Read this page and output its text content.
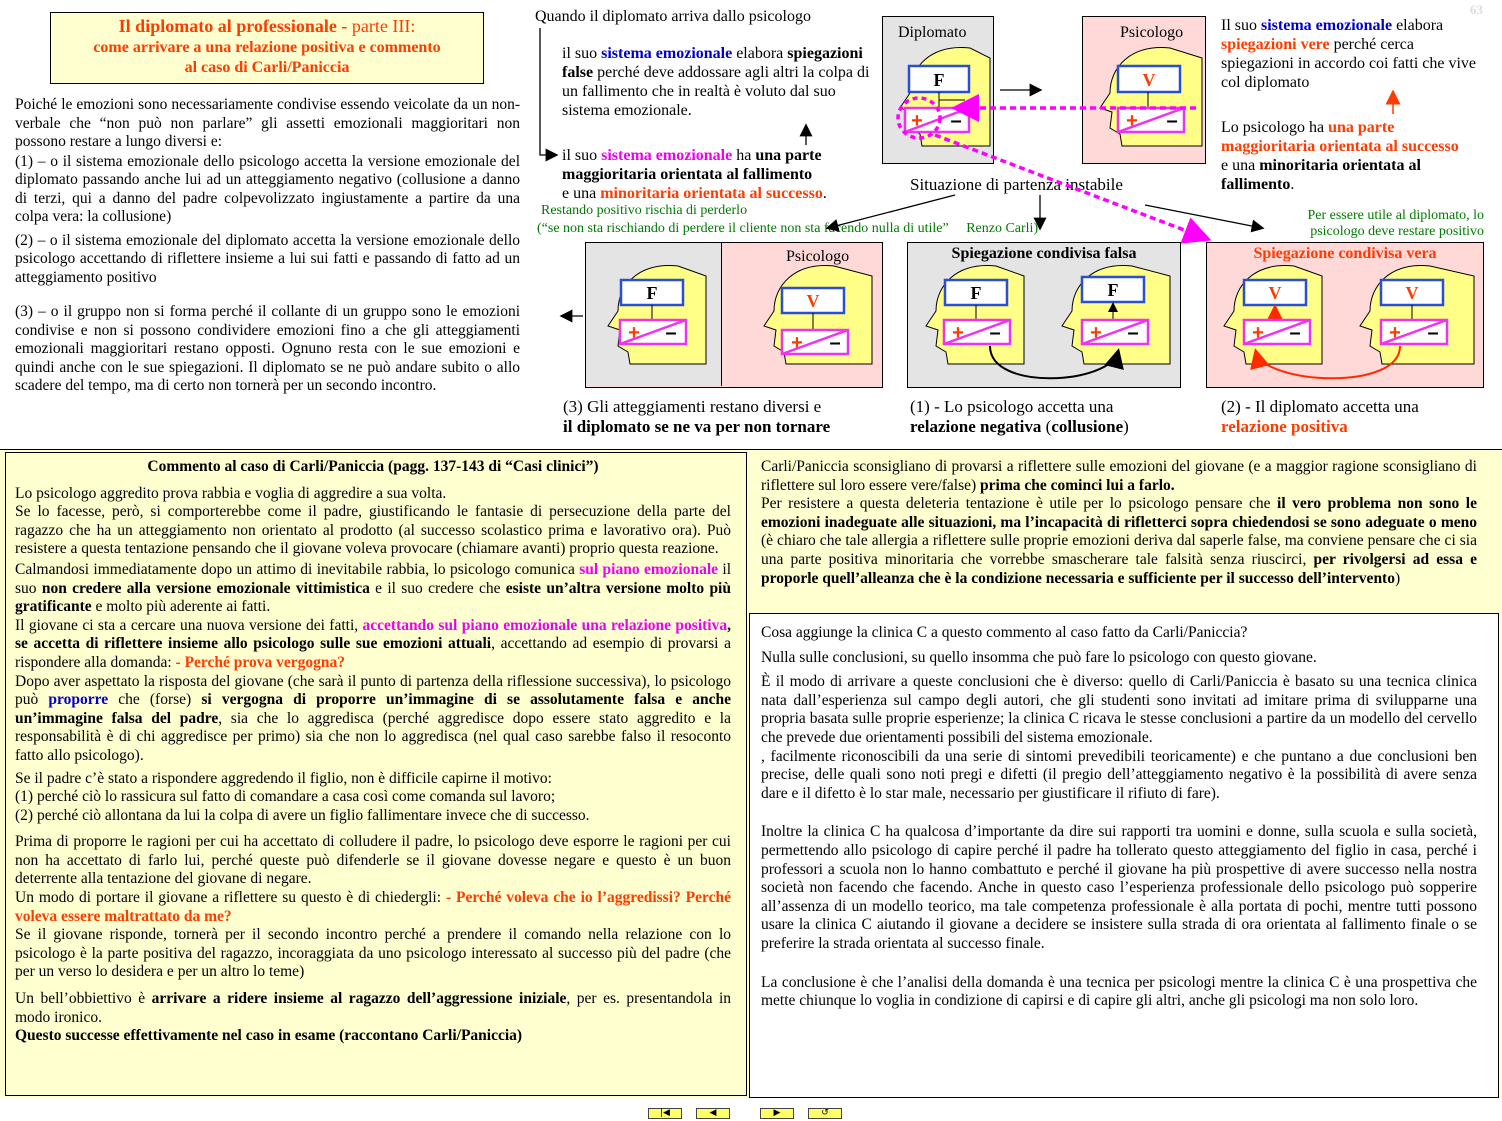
63
Il diplomato al professionale - parte III:
come arrivare a una relazione positiva e commento
al caso di Carli/Paniccia
Poiché le emozioni sono necessariamente condivise essendo veicolate da un non-verbale che “non può non parlare” gli assetti emozionali maggioritari non possono restare a lungo diversi e:
(1) – o il sistema emozionale dello psicologo accetta la versione emozionale del diplomato passando anche lui ad un atteggiamento negativo (collusione a danno di terzi, qui a danno del padre colpevolizzato ingiustamente a partire da una colpa vera: la collusione)
(2) – o il sistema emozionale del diplomato accetta la versione emozionale dello psicologo accettando di riflettere insieme a lui sui fatti e passando di fatto ad un atteggiamento positivo
(3) – o il gruppo non si forma perché il collante di un gruppo sono le emozioni condivise e non si possono condividere emozioni fino a che gli atteggiamenti emozionali maggioritari restano opposti. Ognuno resta con le sue emozioni e quindi anche con le sue spiegazioni. Il diplomato se ne può andare subito o allo scadere del tempo, ma di certo non tornerà per un secondo incontro.
Quando il diplomato arriva dallo psicologo
il suo sistema emozionale elabora spiegazioni false perché deve addossare agli altri la colpa di un fallimento che in realtà è voluto dal suo sistema emozionale.
il suo sistema emozionale ha una parte maggioritaria orientata al fallimento
e una minoritaria orientata al successo.
Il suo sistema emozionale elabora spiegazioni vere perché cerca spiegazioni in accordo coi fatti che vive col diplomato
Lo psicologo ha una parte maggioritaria orientata al successo
e una minoritaria orientata al fallimento.
Restando positivo rischia di perderlo
(“se non sta rischiando di perdere il cliente non sta facendo nulla di utile” Renzo Carli)
Per essere utile al diplomato, lo psicologo deve restare positivo
Diplomato	Psicologo
Situazione di partenza instabile
Psicologo	Spiegazione condivisa falsa	Spiegazione condivisa vera
(3) Gli atteggiamenti restano diversi e
il diplomato se ne va per non tornare
(1) - Lo psicologo accetta una
relazione negativa (collusione)
(2) - Il diplomato accetta una
relazione positiva
F	V
F	V	F	F	V	V
+ –	+ –
+ –	+ –	+ –	+ –	+ –	+ –
Commento al caso di Carli/Paniccia (pagg. 137-143 di “Casi clinici”)
Lo psicologo aggredito prova rabbia e voglia di aggredire a sua volta.
Se lo facesse, però, si comporterebbe come il padre, giustificando le fantasie di persecuzione della parte del ragazzo che ha un atteggiamento non orientato al prodotto (al successo scolastico prima e lavorativo ora). Può resistere a questa tentazione pensando che il giovane voleva provocare (chiamare avanti) proprio questa reazione.
Calmandosi immediatamente dopo un attimo di inevitabile rabbia, lo psicologo comunica sul piano emozionale il suo non credere alla versione emozionale vittimistica e il suo credere che esiste un’altra versione molto più gratificante e molto più aderente ai fatti.
Il giovane ci sta a cercare una nuova versione dei fatti, accettando sul piano emozionale una relazione positiva, se accetta di riflettere insieme allo psicologo sulle sue emozioni attuali, accettando ad esempio di provarsi a rispondere alla domanda: - Perché prova vergogna?
Dopo aver aspettato la risposta del giovane (che sarà il punto di partenza della riflessione successiva), lo psicologo può proporre che (forse) si vergogna di proporre un’immagine di se assolutamente falsa e anche un’immagine falsa del padre, sia che lo aggredisca (perché aggredisce dopo essere stato aggredito e la responsabilità è di chi aggredisce per primo) sia che non lo aggredisca (nel qual caso sarebbe falso il resoconto fatto allo psicologo).
Se il padre c’è stato a rispondere aggredendo il figlio, non è difficile capirne il motivo:
(1) perché ciò lo rassicura sul fatto di comandare a casa così come comanda sul lavoro;
(2) perché ciò allontana da lui la colpa di avere un figlio fallimentare invece che di successo.
Prima di proporre le ragioni per cui ha accettato di colludere il padre, lo psicologo deve esporre le ragioni per cui non ha accettato di farlo lui, perché queste può difenderle se il giovane dovesse negare e questo è un buon deterrente alla tentazione del giovane di negare.
Un modo di portare il giovane a riflettere su questo è di chiedergli: - Perché voleva che io l’aggredissi? Perché voleva essere maltrattato da me?
Se il giovane risponde, tornerà per il secondo incontro perché a prendere il comando nella relazione con lo psicologo è la parte positiva del ragazzo, incoraggiata da uno psicologo interessato al successo più del padre (che per un verso lo desidera e per un altro lo teme)
Un bell’obbiettivo è arrivare a ridere insieme al ragazzo dell’aggressione iniziale, per es. presentandola in modo ironico.
Questo successe effettivamente nel caso in esame (raccontano Carli/Paniccia)
Carli/Paniccia sconsigliano di provarsi a riflettere sulle emozioni del giovane (e a maggior ragione sconsigliano di riflettere sul loro essere vere/false) prima che cominci lui a farlo.
Per resistere a questa deleteria tentazione è utile per lo psicologo pensare che il vero problema non sono le emozioni inadeguate alle situazioni, ma l’incapacità di rifletterci sopra chiedendosi se sono adeguate o meno (è chiaro che tale allergia a riflettere sulle proprie emozioni deriva dal saperle false, ma conviene pensare che ci sia una parte positiva minoritaria che vorrebbe smascherare tale falsità senza riuscirci, per rivolgersi ad essa e proporle quell’alleanza che è la condizione necessaria e sufficiente per il successo dell’intervento)
Cosa aggiunge la clinica C a questo commento al caso fatto da Carli/Paniccia?
Nulla sulle conclusioni, su quello insomma che può fare lo psicologo con questo giovane.
È il modo di arrivare a queste conclusioni che è diverso: quello di Carli/Paniccia è basato su una tecnica clinica nata dall’esperienza sul campo degli autori, che gli studenti sono invitati ad imitare prima di svilupparne una propria basata sulle proprie esperienze; la clinica C ricava le stesse conclusioni a partire da un modello del cervello che prevede due orientamenti possibili del sistema emozionale.
, facilmente riconoscibili da una serie di sintomi prevedibili teoricamente) e che puntano a due conclusioni ben precise, delle quali sono noti pregi e difetti (il pregio dell’atteggiamento negativo è la possibilità di avere senza dare e il difetto è lo star male, necessario per giustificare il rifiuto di fare).
Inoltre la clinica C ha qualcosa d’importante da dire sui rapporti tra uomini e donne, sulla scuola e sulla società, permettendo allo psicologo di capire perché il padre ha tollerato questo atteggiamento del figlio in casa, perché i professori a scuola non lo hanno combattuto e perché il giovane ha più prospettive di avere successo nella nostra società non facendo che facendo. Anche in questo caso l’esperienza professionale dello psicologo può sopperire all’assenza di un modello teorico, ma tale competenza professionale è alla portata di pochi, mentre tutti possono usare la clinica C aiutando il giovane a decidere se insistere sulla strada di ora orientata al fallimento finale o se preferire la strada orientata al successo finale.
La conclusione è che l’analisi della domanda è una tecnica per psicologi mentre la clinica C è una prospettiva che mette chiunque lo voglia in condizione di capirsi e di capire gli altri, anche gli psicologi ma non solo loro.
|◀	◀	▶	↺
